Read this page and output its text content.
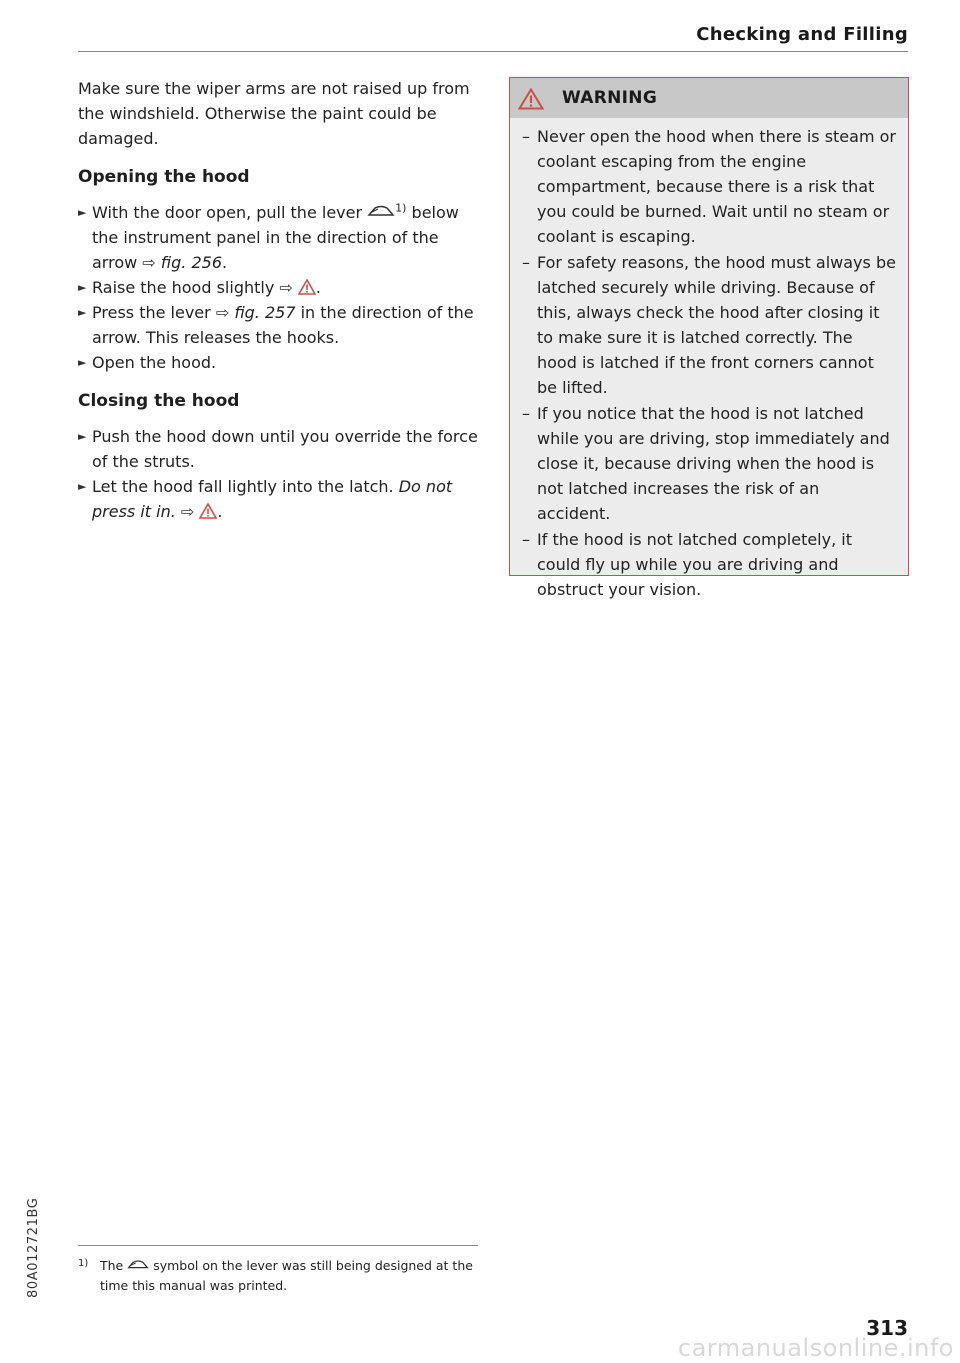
Checking and Filling

Make sure the wiper arms are not raised up from the windshield. Otherwise the paint could be damaged.

Opening the hood
► With the door open, pull the lever	$^{1)}$ below the instrument panel in the direction of the arrow ⇨ fig. 256.
► Raise the hood slightly ⇨ .
► Press the lever ⇨ fig. 257 in the direction of the arrow. This releases the hooks.
► Open the hood.
Closing the hood
► Push the hood down until you override the force of the struts.
► Let the hood fall lightly into the latch. Do not press it in. ⇨ .
WARNING
– Never open the hood when there is steam or coolant escaping from the engine compartment, because there is a risk that you could be burned. Wait until no steam or coolant is escaping.
– For safety reasons, the hood must always be latched securely while driving. Because of this, always check the hood after closing it to make sure it is latched correctly. The hood is latched if the front corners cannot be lifted.
– If you notice that the hood is not latched while you are driving, stop immediately and close it, because driving when the hood is not latched increases the risk of an accident.
– If the hood is not latched completely, it could fly up while you are driving and obstruct your vision.
1) The symbol on the lever was still being designed at the time this manual was printed.
80A012721BG
313
carmanualsonline.info
